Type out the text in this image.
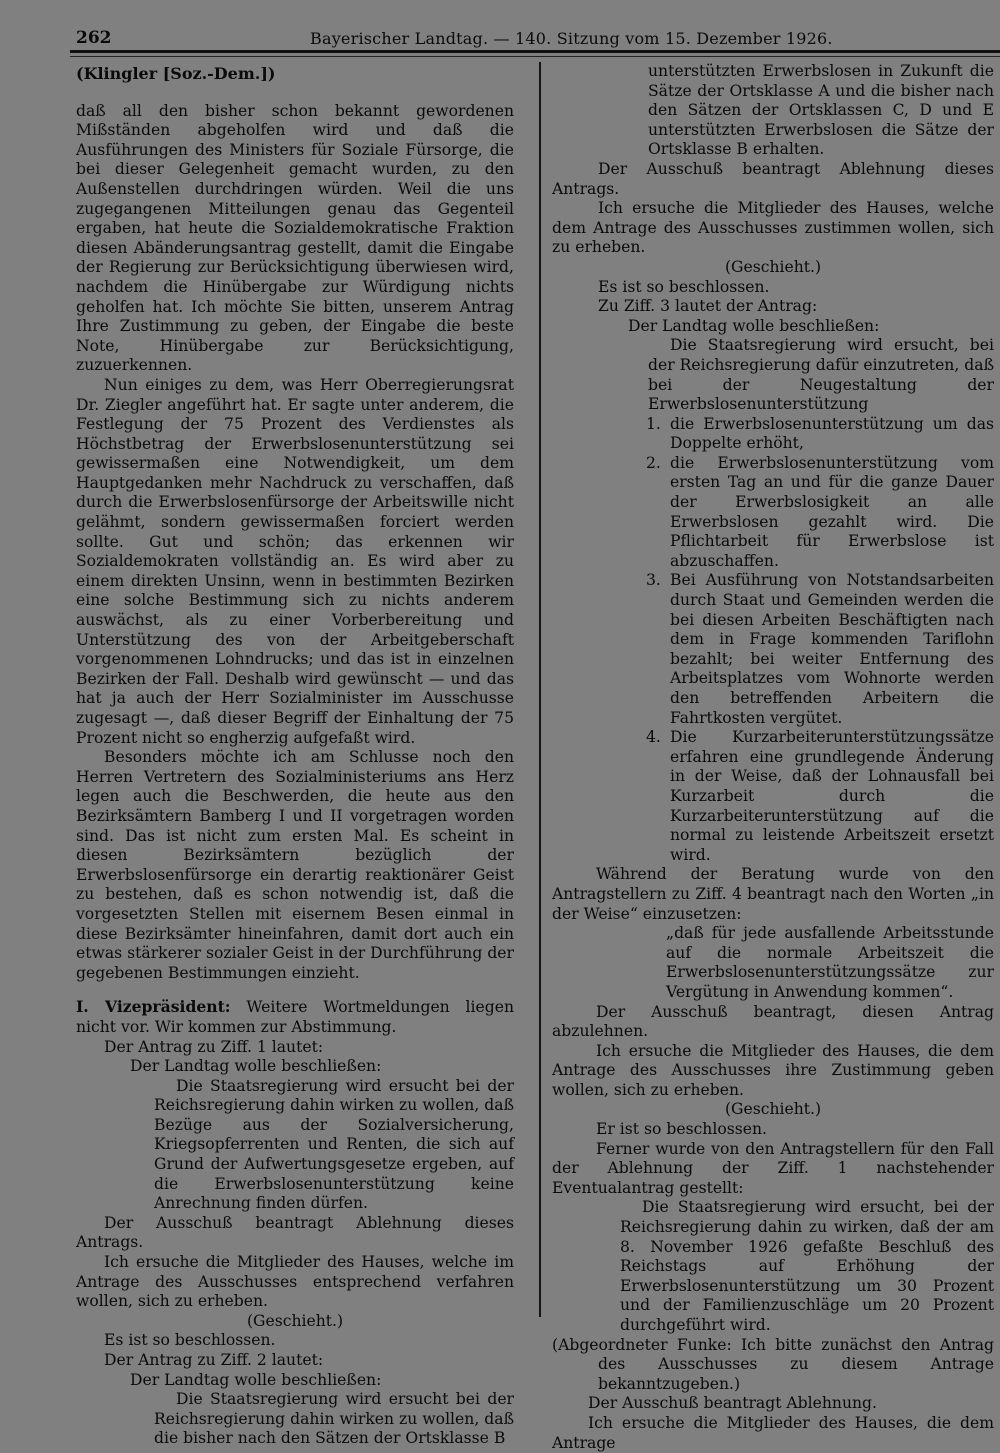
262	Bayerischer Landtag. — 140. Sitzung vom 15. Dezember 1926.

(Klingler [Soz.-Dem.])

daß all den bisher schon bekannt gewordenen Mißständen abgeholfen wird und daß die Ausführungen des Ministers für Soziale Fürsorge, die bei dieser Gelegenheit gemacht wurden, zu den Außenstellen durchdringen würden. Weil die uns zugegangenen Mitteilungen genau das Gegenteil ergaben, hat heute die Sozialdemokratische Fraktion diesen Abänderungsantrag gestellt, damit die Eingabe der Regierung zur Berücksichtigung überwiesen wird, nachdem die Hinübergabe zur Würdigung nichts geholfen hat. Ich möchte Sie bitten, unserem Antrag Ihre Zustimmung zu geben, der Eingabe die beste Note, Hinübergabe zur Berücksichtigung, zuzuerkennen.

Nun einiges zu dem, was Herr Oberregierungsrat Dr. Ziegler angeführt hat. Er sagte unter anderem, die Festlegung der 75 Prozent des Verdienstes als Höchstbetrag der Erwerbslosenunterstützung sei gewissermaßen eine Notwendigkeit, um dem Hauptgedanken mehr Nachdruck zu verschaffen, daß durch die Erwerbslosenfürsorge der Arbeitswille nicht gelähmt, sondern gewissermaßen forciert werden sollte. Gut und schön; das erkennen wir Sozialdemokraten vollständig an. Es wird aber zu einem direkten Unsinn, wenn in bestimmten Bezirken eine solche Bestimmung sich zu nichts anderem auswächst, als zu einer Vorberbereitung und Unterstützung des von der Arbeitgeberschaft vorgenommenen Lohndrucks; und das ist in einzelnen Bezirken der Fall. Deshalb wird gewünscht — und das hat ja auch der Herr Sozialminister im Ausschusse zugesagt —, daß dieser Begriff der Einhaltung der 75 Prozent nicht so engherzig aufgefaßt wird.

Besonders möchte ich am Schlusse noch den Herren Vertretern des Sozialministeriums ans Herz legen auch die Beschwerden, die heute aus den Bezirksämtern Bamberg I und II vorgetragen worden sind. Das ist nicht zum ersten Mal. Es scheint in diesen Bezirksämtern bezüglich der Erwerbslosenfürsorge ein derartig reaktionärer Geist zu bestehen, daß es schon notwendig ist, daß die vorgesetzten Stellen mit eisernem Besen einmal in diese Bezirksämter hineinfahren, damit dort auch ein etwas stärkerer sozialer Geist in der Durchführung der gegebenen Bestimmungen einzieht.

I. Vizepräsident: Weitere Wortmeldungen liegen nicht vor. Wir kommen zur Abstimmung.

Der Antrag zu Ziff. 1 lautet:

Der Landtag wolle beschließen:

Die Staatsregierung wird ersucht bei der Reichsregierung dahin wirken zu wollen, daß Bezüge aus der Sozialversicherung, Kriegsopferrenten und Renten, die sich auf Grund der Aufwertungsgesetze ergeben, auf die Erwerbslosenunterstützung keine Anrechnung finden dürfen.

Der Ausschuß beantragt Ablehnung dieses Antrags.

Ich ersuche die Mitglieder des Hauses, welche im Antrage des Ausschusses entsprechend verfahren wollen, sich zu erheben.

(Geschieht.)

Es ist so beschlossen.

Der Antrag zu Ziff. 2 lautet:

Der Landtag wolle beschließen:

Die Staatsregierung wird ersucht bei der Reichsregierung dahin wirken zu wollen, daß die bisher nach den Sätzen der Ortsklasse B

unterstützten Erwerbslosen in Zukunft die Sätze der Ortsklasse A und die bisher nach den Sätzen der Ortsklassen C, D und E unterstützten Erwerbslosen die Sätze der Ortsklasse B erhalten.

Der Ausschuß beantragt Ablehnung dieses Antrags.

Ich ersuche die Mitglieder des Hauses, welche dem Antrage des Ausschusses zustimmen wollen, sich zu erheben.

(Geschieht.)

Es ist so beschlossen.

Zu Ziff. 3 lautet der Antrag:

Der Landtag wolle beschließen:

Die Staatsregierung wird ersucht, bei der Reichsregierung dafür einzutreten, daß bei der Neugestaltung der Erwerbslosenunterstützung

1. die Erwerbslosenunterstützung um das Doppelte erhöht,
2. die Erwerbslosenunterstützung vom ersten Tag an und für die ganze Dauer der Erwerbslosigkeit an alle Erwerbslosen gezahlt wird. Die Pflichtarbeit für Erwerbslose ist abzuschaffen.
3. Bei Ausführung von Notstandsarbeiten durch Staat und Gemeinden werden die bei diesen Arbeiten Beschäftigten nach dem in Frage kommenden Tariflohn bezahlt; bei weiter Entfernung des Arbeitsplatzes vom Wohnorte werden den betreffenden Arbeitern die Fahrtkosten vergütet.
4. Die Kurzarbeiterunterstützungssätze erfahren eine grundlegende Änderung in der Weise, daß der Lohnausfall bei Kurzarbeit durch die Kurzarbeiterunterstützung auf die normal zu leistende Arbeitszeit ersetzt wird.

Während der Beratung wurde von den Antragstellern zu Ziff. 4 beantragt nach den Worten „in der Weise“ einzusetzen:

„daß für jede ausfallende Arbeitsstunde auf die normale Arbeitszeit die Erwerbslosenunterstützungssätze zur Vergütung in Anwendung kommen“.

Der Ausschuß beantragt, diesen Antrag abzulehnen.

Ich ersuche die Mitglieder des Hauses, die dem Antrage des Ausschusses ihre Zustimmung geben wollen, sich zu erheben.

(Geschieht.)

Er ist so beschlossen.

Ferner wurde von den Antragstellern für den Fall der Ablehnung der Ziff. 1 nachstehender Eventualantrag gestellt:

Die Staatsregierung wird ersucht, bei der Reichsregierung dahin zu wirken, daß der am 8. November 1926 gefaßte Beschluß des Reichstags auf Erhöhung der Erwerbslosenunterstützung um 30 Prozent und der Familienzuschläge um 20 Prozent durchgeführt wird.

(Abgeordneter Funke: Ich bitte zunächst den Antrag des Ausschusses zu diesem Antrage bekanntzugeben.)

Der Ausschuß beantragt Ablehnung.

Ich ersuche die Mitglieder des Hauses, die dem Antrage
